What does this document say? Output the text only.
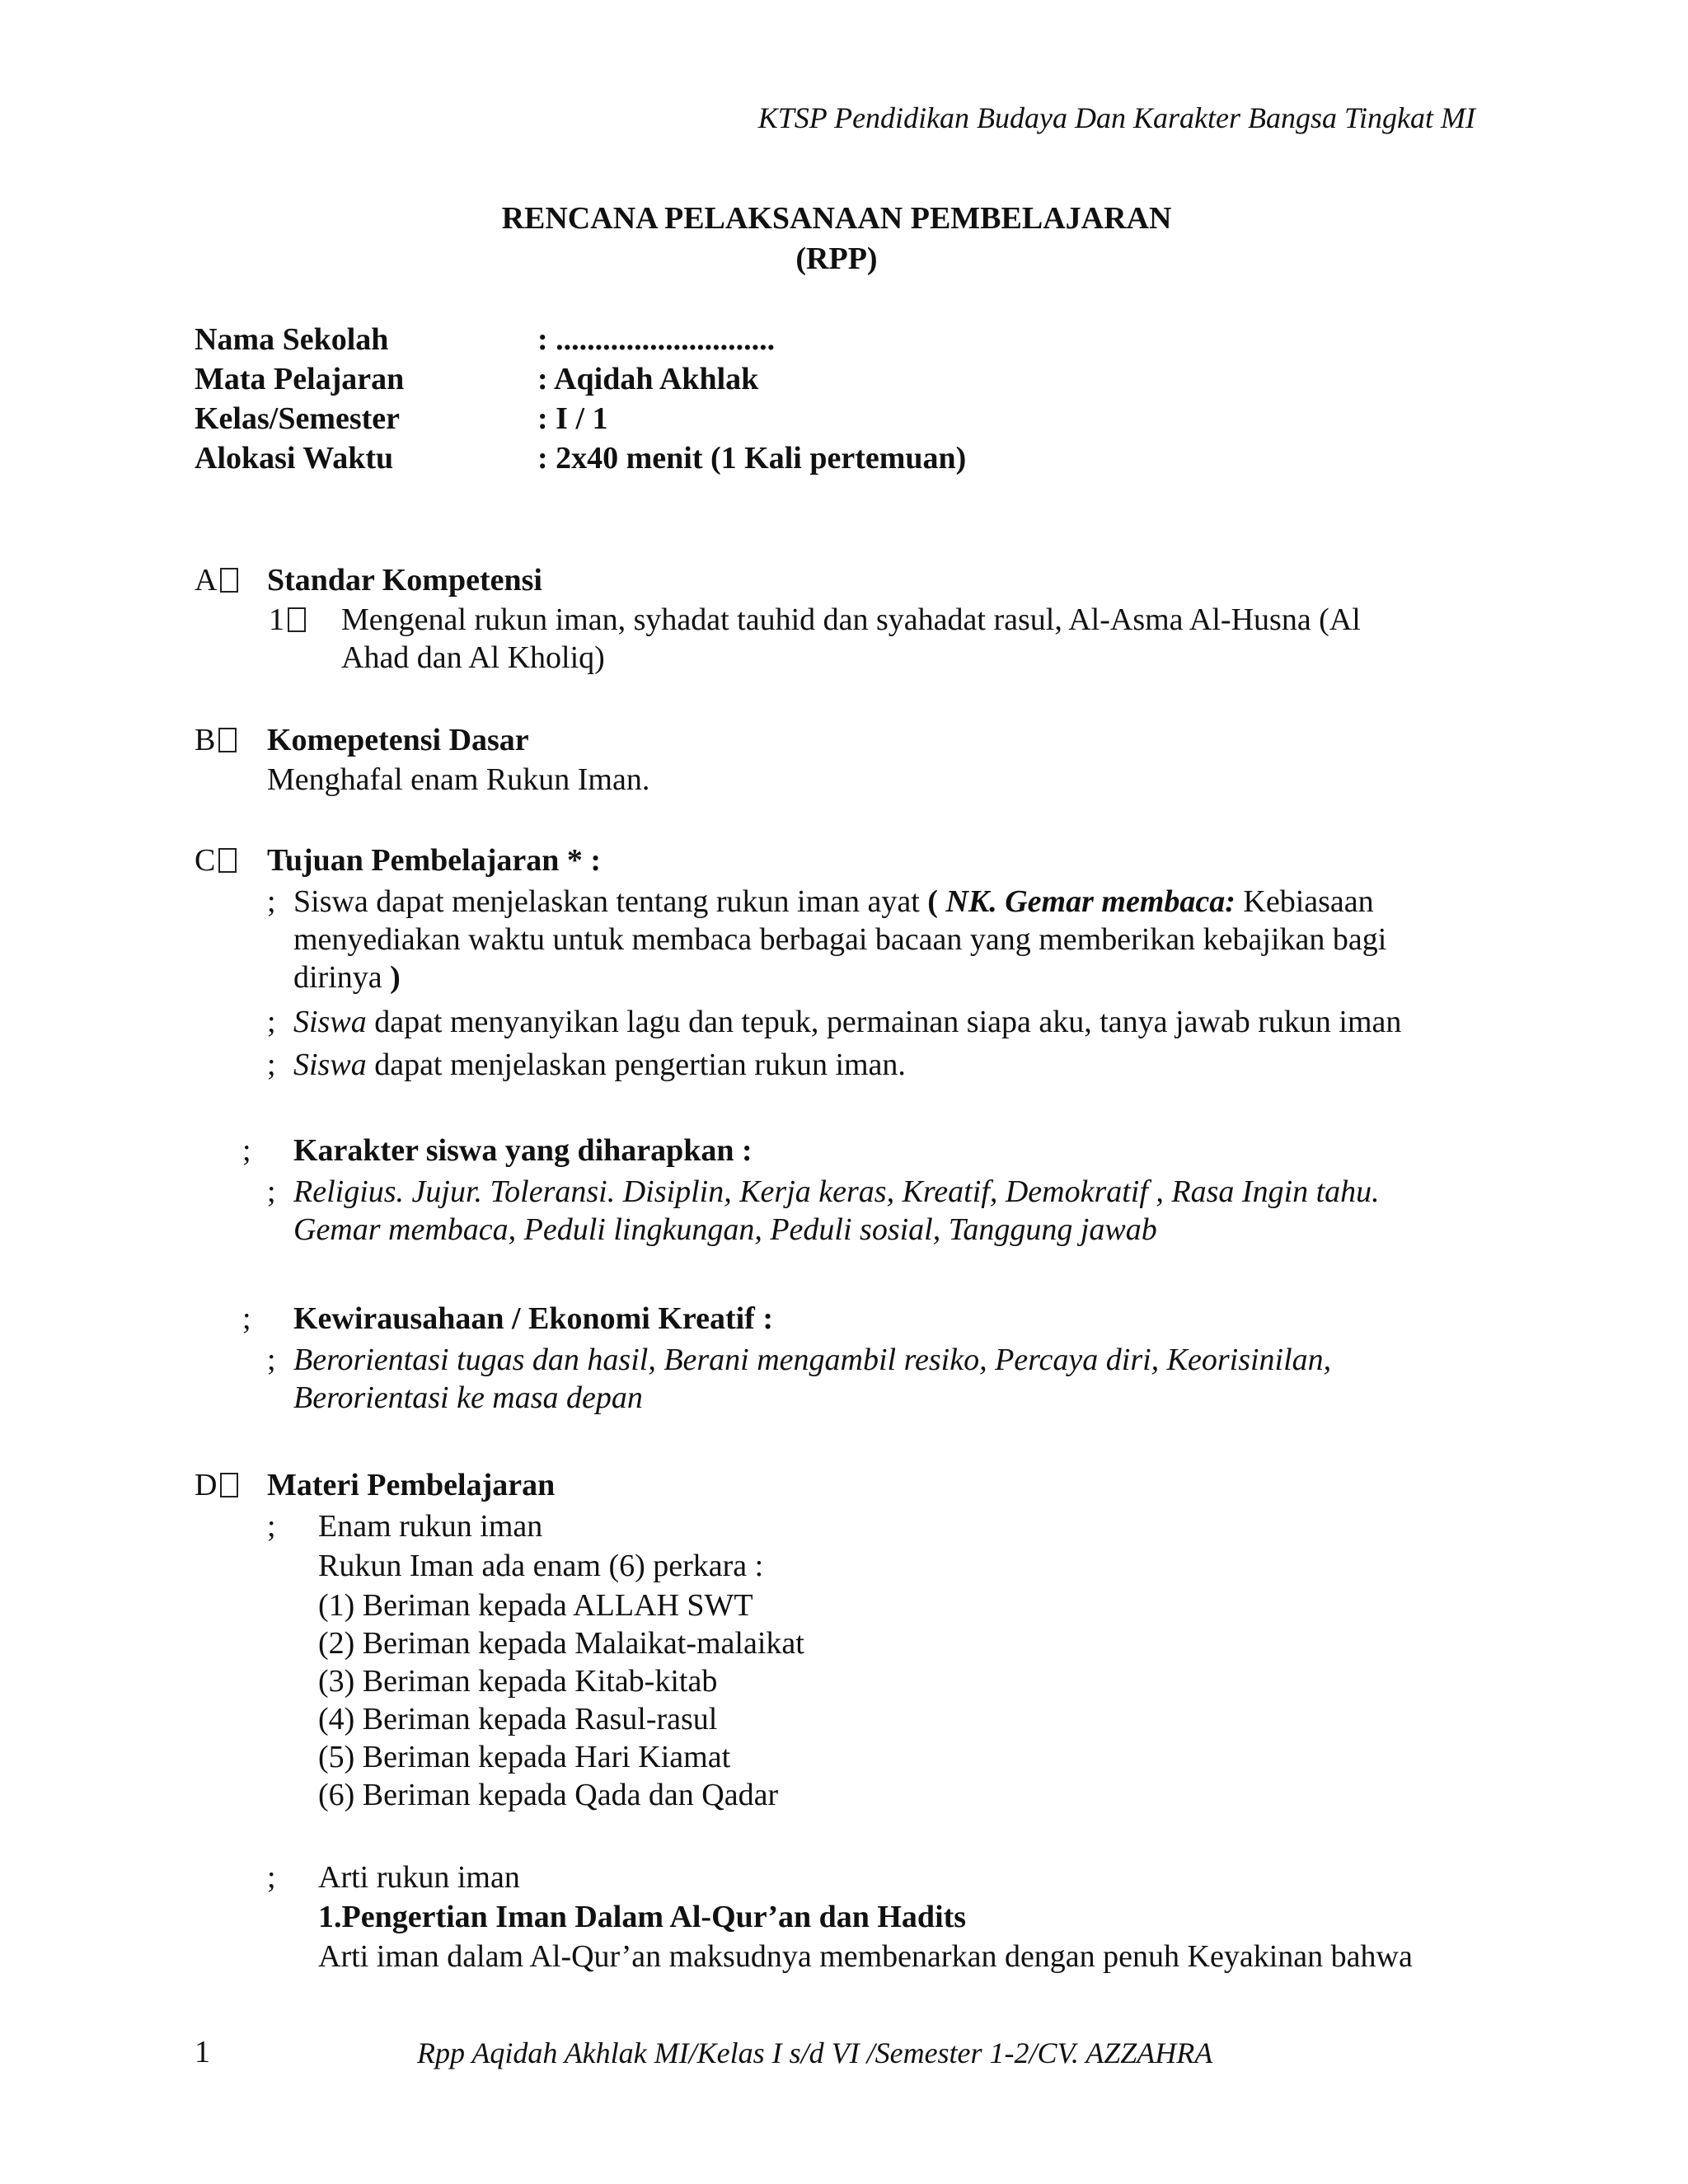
KTSP Pendidikan Budaya Dan Karakter Bangsa Tingkat MI
RENCANA PELAKSANAAN PEMBELAJARAN
(RPP)
Nama Sekolah	: ............................
Mata Pelajaran	: Aqidah Akhlak
Kelas/Semester	: I / 1
Alokasi Waktu	: 2x40 menit (1 Kali pertemuan)
A	Standar Kompetensi
1	Mengenal rukun iman, syhadat tauhid dan syahadat rasul, Al-Asma Al-Husna (Al
Ahad dan Al Kholiq)
B	Komepetensi Dasar
Menghafal enam Rukun Iman.
C	Tujuan Pembelajaran * :
; Siswa dapat menjelaskan tentang rukun iman ayat ( NK. Gemar membaca: Kebiasaan
menyediakan waktu untuk membaca berbagai bacaan yang memberikan kebajikan bagi
dirinya )
; Siswa dapat menyanyikan lagu dan tepuk, permainan siapa aku, tanya jawab rukun iman
; Siswa dapat menjelaskan pengertian rukun iman.
; Karakter siswa yang diharapkan :
; Religius. Jujur. Toleransi. Disiplin, Kerja keras, Kreatif, Demokratif , Rasa Ingin tahu.
Gemar membaca, Peduli lingkungan, Peduli sosial, Tanggung jawab
; Kewirausahaan / Ekonomi Kreatif :
; Berorientasi tugas dan hasil, Berani mengambil resiko, Percaya diri, Keorisinilan,
Berorientasi ke masa depan
D	Materi Pembelajaran
; Enam rukun iman
Rukun Iman ada enam (6) perkara :
(1) Beriman kepada ALLAH SWT
(2) Beriman kepada Malaikat-malaikat
(3) Beriman kepada Kitab-kitab
(4) Beriman kepada Rasul-rasul
(5) Beriman kepada Hari Kiamat
(6) Beriman kepada Qada dan Qadar
; Arti rukun iman
1.Pengertian Iman Dalam Al-Qur’an dan Hadits
Arti iman dalam Al-Qur’an maksudnya membenarkan dengan penuh Keyakinan bahwa
1	Rpp Aqidah Akhlak MI/Kelas I s/d VI /Semester 1-2/CV. AZZAHRA
